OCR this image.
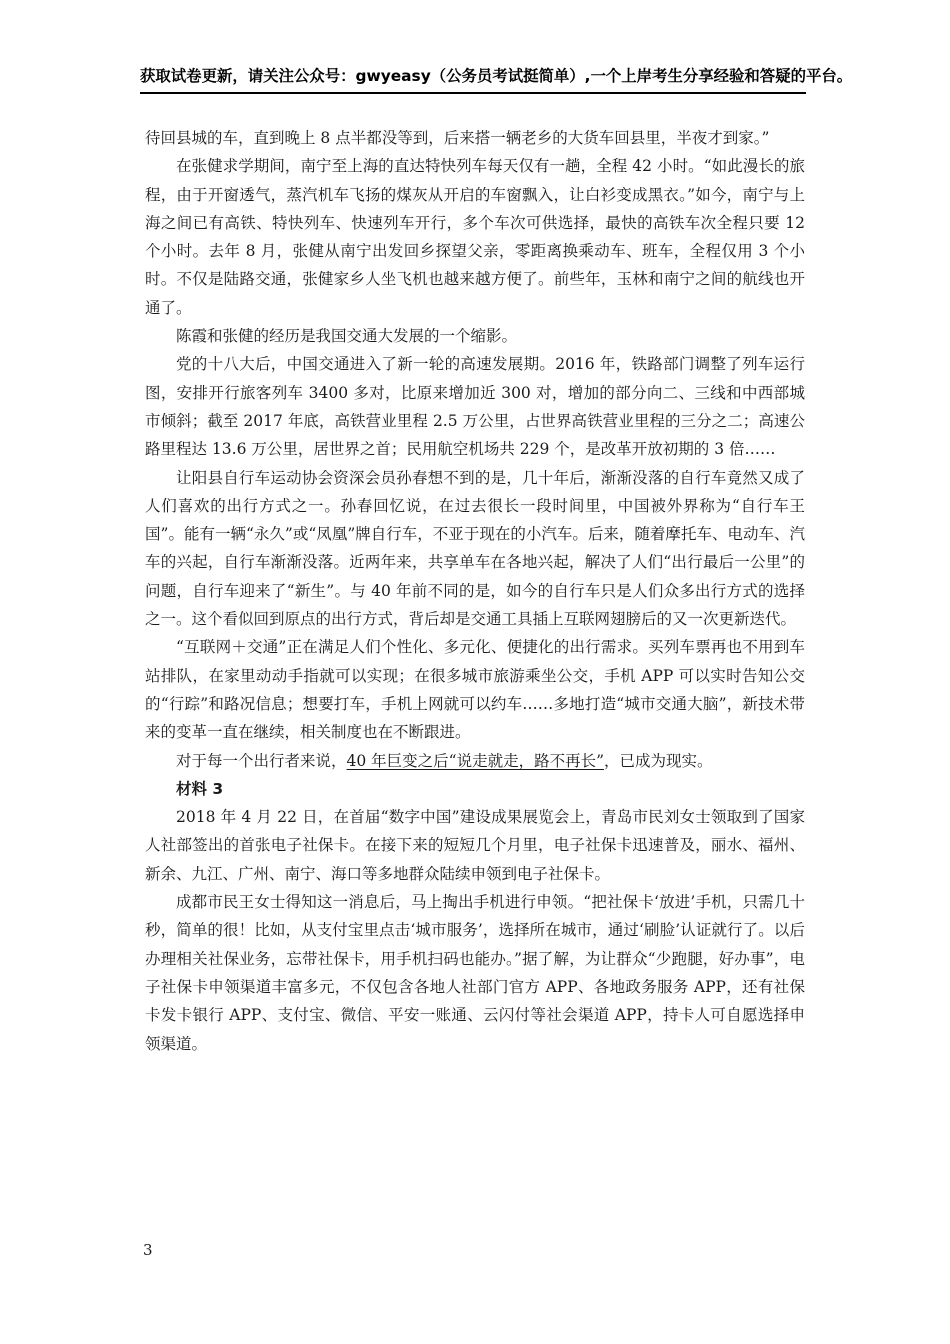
获取试卷更新，请关注公众号：gwyeasy（公务员考试挺简单）,一个上岸考生分享经验和答疑的平台。

待回县城的车，直到晚上 8 点半都没等到，后来搭一辆老乡的大货车回县里，半夜才到家。”

在张健求学期间，南宁至上海的直达特快列车每天仅有一趟，全程 42 小时。“如此漫长的旅程，由于开窗透气，蒸汽机车飞扬的煤灰从开启的车窗飘入，让白衫变成黑衣。”如今，南宁与上海之间已有高铁、特快列车、快速列车开行，多个车次可供选择，最快的高铁车次全程只要 12 个小时。去年 8 月，张健从南宁出发回乡探望父亲，零距离换乘动车、班车，全程仅用 3 个小时。不仅是陆路交通，张健家乡人坐飞机也越来越方便了。前些年，玉林和南宁之间的航线也开通了。

陈霞和张健的经历是我国交通大发展的一个缩影。

党的十八大后，中国交通进入了新一轮的高速发展期。2016 年，铁路部门调整了列车运行图，安排开行旅客列车 3400 多对，比原来增加近 300 对，增加的部分向二、三线和中西部城市倾斜；截至 2017 年底，高铁营业里程 2.5 万公里，占世界高铁营业里程的三分之二；高速公路里程达 13.6 万公里，居世界之首；民用航空机场共 229 个，是改革开放初期的 3 倍……

让阳县自行车运动协会资深会员孙春想不到的是，几十年后，渐渐没落的自行车竟然又成了人们喜欢的出行方式之一。孙春回忆说，在过去很长一段时间里，中国被外界称为“自行车王国”。能有一辆“永久”或“凤凰”牌自行车，不亚于现在的小汽车。后来，随着摩托车、电动车、汽车的兴起，自行车渐渐没落。近两年来，共享单车在各地兴起，解决了人们“出行最后一公里”的问题，自行车迎来了“新生”。与 40 年前不同的是，如今的自行车只是人们众多出行方式的选择之一。这个看似回到原点的出行方式，背后却是交通工具插上互联网翅膀后的又一次更新迭代。

“互联网＋交通”正在满足人们个性化、多元化、便捷化的出行需求。买列车票再也不用到车站排队，在家里动动手指就可以实现；在很多城市旅游乘坐公交，手机 APP 可以实时告知公交的“行踪”和路况信息；想要打车，手机上网就可以约车……多地打造“城市交通大脑”，新技术带来的变革一直在继续，相关制度也在不断跟进。

对于每一个出行者来说，40 年巨变之后“说走就走，路不再长”，已成为现实。

材料 3

2018 年 4 月 22 日，在首届“数字中国”建设成果展览会上，青岛市民刘女士领取到了国家人社部签出的首张电子社保卡。在接下来的短短几个月里，电子社保卡迅速普及，丽水、福州、新余、九江、广州、南宁、海口等多地群众陆续申领到电子社保卡。

成都市民王女士得知这一消息后，马上掏出手机进行申领。“把社保卡‘放进’手机，只需几十秒，简单的很！比如，从支付宝里点击‘城市服务’，选择所在城市，通过‘刷脸’认证就行了。以后办理相关社保业务，忘带社保卡，用手机扫码也能办。”据了解，为让群众“少跑腿，好办事”，电子社保卡申领渠道丰富多元，不仅包含各地人社部门官方 APP、各地政务服务 APP，还有社保卡发卡银行 APP、支付宝、微信、平安一账通、云闪付等社会渠道 APP，持卡人可自愿选择申领渠道。

3
